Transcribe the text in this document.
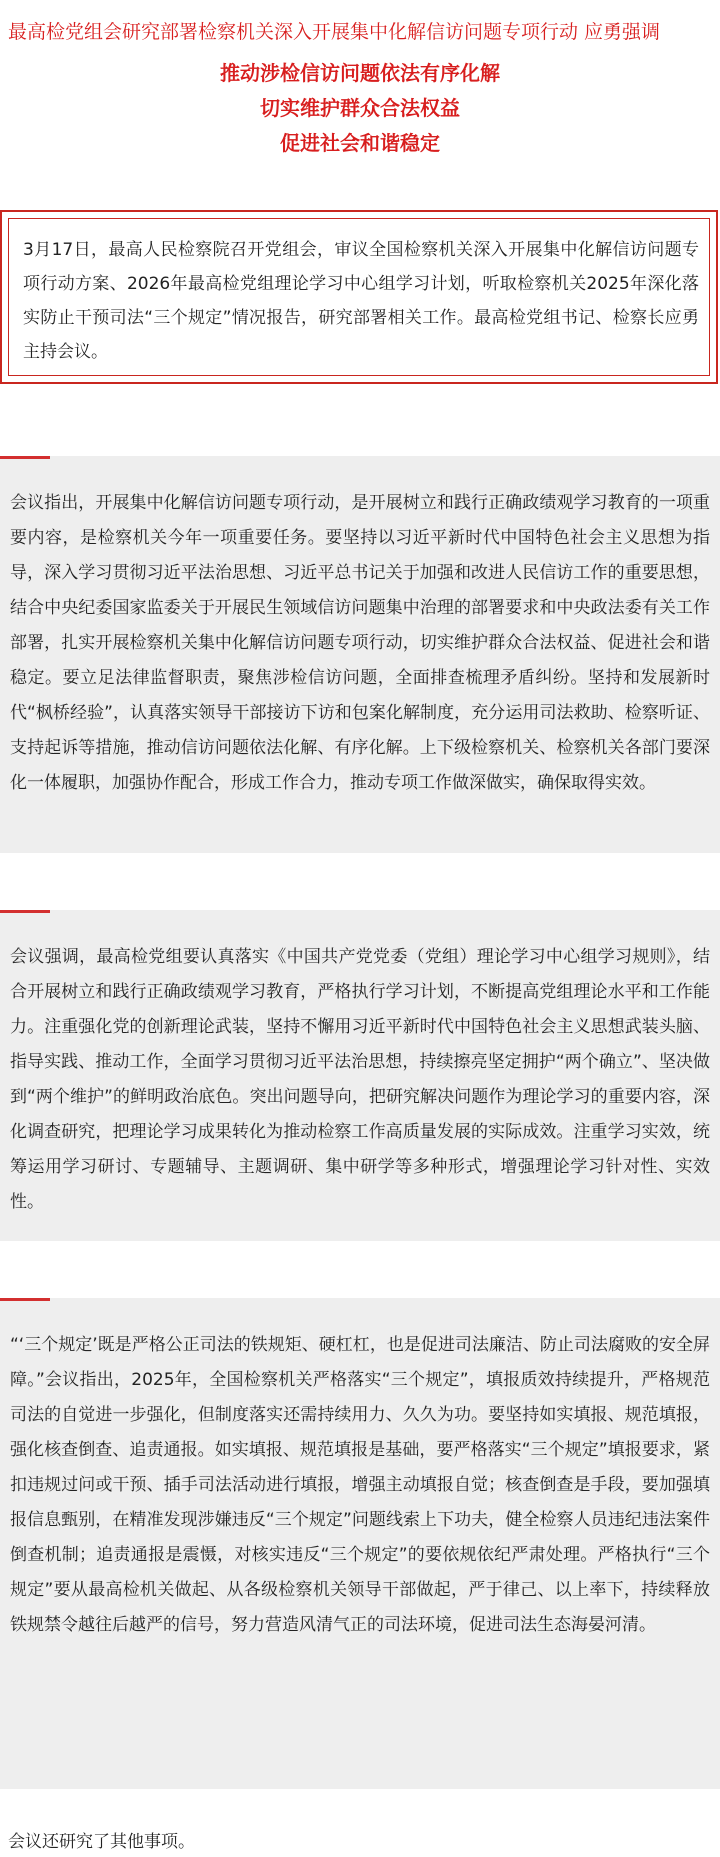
最高检党组会研究部署检察机关深入开展集中化解信访问题专项行动 应勇强调
推动涉检信访问题依法有序化解
切实维护群众合法权益
促进社会和谐稳定

3月17日，最高人民检察院召开党组会，审议全国检察机关深入开展集中化解信访问题专项行动方案、2026年最高检党组理论学习中心组学习计划，听取检察机关2025年深化落实防止干预司法“三个规定”情况报告，研究部署相关工作。最高检党组书记、检察长应勇主持会议。

会议指出，开展集中化解信访问题专项行动，是开展树立和践行正确政绩观学习教育的一项重要内容，是检察机关今年一项重要任务。要坚持以习近平新时代中国特色社会主义思想为指导，深入学习贯彻习近平法治思想、习近平总书记关于加强和改进人民信访工作的重要思想，结合中央纪委国家监委关于开展民生领域信访问题集中治理的部署要求和中央政法委有关工作部署，扎实开展检察机关集中化解信访问题专项行动，切实维护群众合法权益、促进社会和谐稳定。要立足法律监督职责，聚焦涉检信访问题，全面排查梳理矛盾纠纷。坚持和发展新时代“枫桥经验”，认真落实领导干部接访下访和包案化解制度，充分运用司法救助、检察听证、支持起诉等措施，推动信访问题依法化解、有序化解。上下级检察机关、检察机关各部门要深化一体履职，加强协作配合，形成工作合力，推动专项工作做深做实，确保取得实效。

会议强调，最高检党组要认真落实《中国共产党党委（党组）理论学习中心组学习规则》，结合开展树立和践行正确政绩观学习教育，严格执行学习计划，不断提高党组理论水平和工作能力。注重强化党的创新理论武装，坚持不懈用习近平新时代中国特色社会主义思想武装头脑、指导实践、推动工作，全面学习贯彻习近平法治思想，持续擦亮坚定拥护“两个确立”、坚决做到“两个维护”的鲜明政治底色。突出问题导向，把研究解决问题作为理论学习的重要内容，深化调查研究，把理论学习成果转化为推动检察工作高质量发展的实际成效。注重学习实效，统筹运用学习研讨、专题辅导、主题调研、集中研学等多种形式，增强理论学习针对性、实效性。

“‘三个规定’既是严格公正司法的铁规矩、硬杠杠，也是促进司法廉洁、防止司法腐败的安全屏障。”会议指出，2025年，全国检察机关严格落实“三个规定”，填报质效持续提升，严格规范司法的自觉进一步强化，但制度落实还需持续用力、久久为功。要坚持如实填报、规范填报，强化核查倒查、追责通报。如实填报、规范填报是基础，要严格落实“三个规定”填报要求，紧扣违规过问或干预、插手司法活动进行填报，增强主动填报自觉；核查倒查是手段，要加强填报信息甄别，在精准发现涉嫌违反“三个规定”问题线索上下功夫，健全检察人员违纪违法案件倒查机制；追责通报是震慑，对核实违反“三个规定”的要依规依纪严肃处理。严格执行“三个规定”要从最高检机关做起、从各级检察机关领导干部做起，严于律己、以上率下，持续释放铁规禁令越往后越严的信号，努力营造风清气正的司法环境，促进司法生态海晏河清。

会议还研究了其他事项。
